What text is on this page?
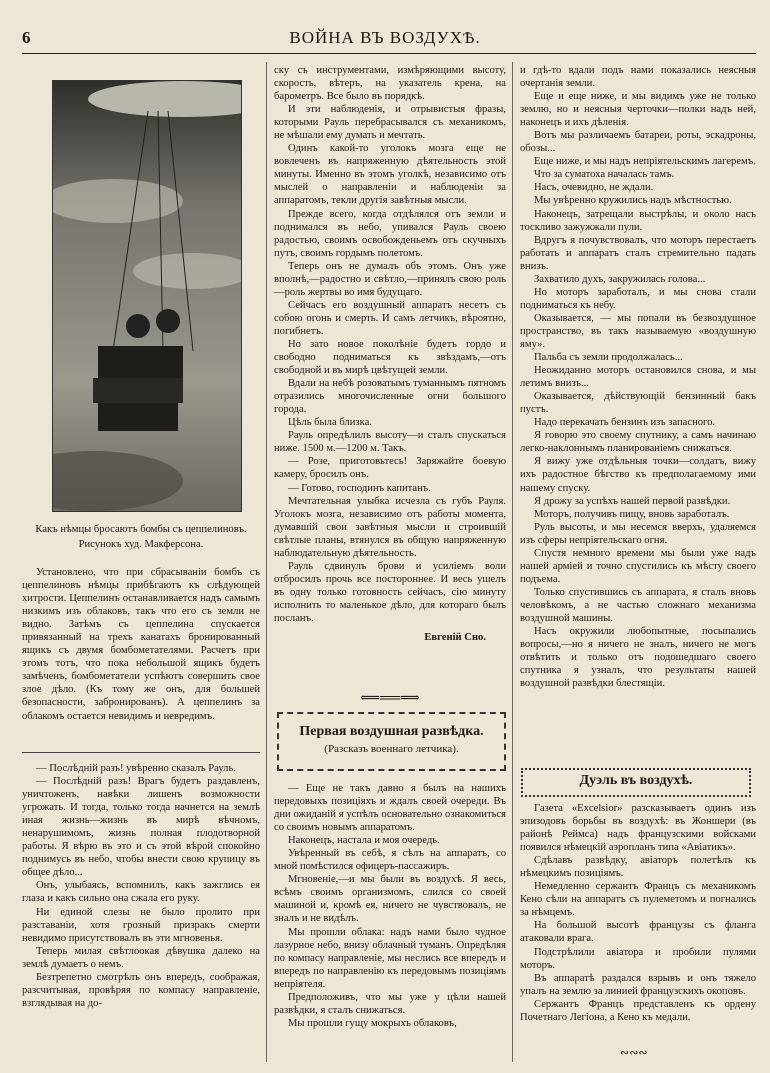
6	ВОЙНА ВЪ ВОЗДУХѢ.
Какъ нѣмцы бросаютъ бомбы съ цеппелиновъ.
Рисунокъ худ. Макферсона.

Установлено, что при сбрасываніи бомбъ съ цеппелиновъ нѣмцы прибѣгаютъ къ слѣдующей хитрости. Цеппелинъ останавливается надъ самымъ низкимъ изъ облаковъ, такъ что его съ земли не видно. Затѣмъ съ цеппелина спускается привязанный на трехъ канатахъ бронированный ящикъ съ двумя бомбометателями. Расчетъ при этомъ тотъ, что пока небольшой ящикъ будетъ замѣченъ, бомбометатели успѣютъ совершить свое злое дѣло. (Къ тому же онъ, для большей безопасности, забронированъ). А цеппелинъ за облакомъ остается невидимъ и невредимъ.

— Послѣдній разъ! увѣренно сказалъ Рауль.

— Послѣдній разъ! Врагъ будетъ раздавленъ, уничтоженъ, навѣки лишенъ возможности угрожать. И тогда, только тогда начнется на землѣ иная жизнь—жизнь въ мирѣ вѣчномъ, ненарушимомъ, жизнь полная плодотворной работы. Я вѣрю въ это и съ этой вѣрой спокойно поднимусь въ небо, чтобы внести свою крупицу въ общее дѣло...

Онъ, улыбаясь, вспомнилъ, какъ зажглись ея глаза и какъ сильно она сжала его руку.

Ни единой слезы не было пролито при разставаніи, хотя грозный призракъ смерти невидимо присутствовалъ въ эти мгновенья.

Теперь милая свѣтлоокая дѣвушка далеко на землѣ думаетъ о немъ.

Безтрепетно смотрѣлъ онъ впередъ, соображая, разсчитывая, провѣряя по компасу направленіе, взглядывая на до-

ску съ инструментами, измѣряющими высоту, скорость, вѣтеръ, на указатель крена, на барометръ. Все было въ порядкѣ.

И эти наблюденія, и отрывистыя фразы, которыми Рауль перебрасывался съ механикомъ, не мѣшали ему думать и мечтать.

Одинъ какой-то уголокъ мозга еще не вовлеченъ въ напряженную дѣятельность этой минуты. Именно въ этомъ уголкѣ, независимо отъ мыслей о направленіи и наблюденіи за аппаратомъ, текли другія завѣтныя мысли.

Прежде всего, когда отдѣлялся отъ земли и поднимался въ небо, упивался Рауль своею радостью, своимъ освобожденьемъ отъ скучныхъ путъ, своимъ гордымъ полетомъ.

Теперь онъ не думалъ объ этомъ. Онъ уже вполнѣ,—радостно и свѣтло,—принялъ свою роль—роль жертвы во имя будущаго.

Сейчасъ его воздушный аппаратъ несетъ съ собою огонь и смерть. И самъ летчикъ, вѣроятно, погибнетъ.

Но зато новое поколѣніе будетъ гордо и свободно подниматься къ звѣздамъ,—отъ свободной и въ мирѣ цвѣтущей земли.

Вдали на небѣ розоватымъ туманнымъ пятномъ отразились многочисленные огни большого города.

Цѣль была близка.

Рауль опредѣлилъ высоту—и сталъ спускаться ниже. 1500 м.—1200 м. Такъ.

— Розе, приготовьтесь! Заряжайте боевую камеру, бросилъ онъ.

— Готово, господинъ капитанъ.

Мечтательная улыбка исчезла съ губъ Рауля. Уголокъ мозга, независимо отъ работы момента, думавшій свои завѣтныя мысли и строившій свѣтлые планы, втянулся въ общую напряженную наблюдательную дѣятельность.

Рауль сдвинулъ брови и усиліемъ воли отбросилъ прочь все постороннее. И весь ушелъ въ одну только готовность сейчасъ, сію минуту исполнить то маленькое дѣло, для котораго былъ посланъ.

Евгеній Сно.
⟸══⟹
Первая воздушная развѣдка.
(Разсказъ военнаго летчика).

— Еще не такъ давно я былъ на нашихъ передовыхъ позиціяхъ и ждалъ своей очереди. Въ дни ожиданій я успѣлъ основательно ознакомиться со своимъ новымъ аппаратомъ.

Наконецъ, настала и моя очередь.

Увѣренный въ себѣ, я сѣлъ на аппаратъ, со мной помѣстился офицеръ-пассажиръ.

Мгновеніе,—и мы были въ воздухѣ. Я весь, всѣмъ своимъ организмомъ, слился со своей машиной и, кромѣ ея, ничего не чувствовалъ, не зналъ и не видѣлъ.

Мы прошли облака: надъ нами было чудное лазурное небо, внизу облачный туманъ. Опредѣляя по компасу направленіе, мы неслись все впередъ и впередъ по направленію къ передовымъ позиціямъ непріятеля.

Предположивъ, что мы уже у цѣли нашей развѣдки, я сталъ снижаться.

Мы прошли гущу мокрыхъ облаковъ,

и гдѣ-то вдали подъ нами показались неясныя очертанія земли.

Еще и еще ниже, и мы видимъ уже не только землю, но и неясныя черточки—полки надъ ней, наконецъ и ихъ дѣленія.

Вотъ мы различаемъ батареи, роты, эскадроны, обозы...

Еще ниже, и мы надъ непріятельскимъ лагеремъ.

Что за суматоха началась тамъ.

Насъ, очевидно, не ждали.

Мы увѣренно кружились надъ мѣстностью.

Наконецъ, затрещали выстрѣлы, и около насъ тоскливо зажужжали пули.

Вдругъ я почувствовалъ, что моторъ перестаетъ работать и аппаратъ сталъ стремительно падать внизъ.

Захватило духъ, закружилась голова...

Но моторъ заработалъ, и мы снова стали подниматься къ небу.

Оказывается, — мы попали въ безвоздушное пространство, въ такъ называемую «воздушную яму».

Пальба съ земли продолжалась...

Неожиданно моторъ остановился снова, и мы летимъ внизъ...

Оказывается, дѣйствующій бензинный бакъ пустъ.

Надо перекачать бензинъ изъ запасного.

Я говорю это своему спутнику, а самъ начинаю легко-наклоннымъ планированіемъ снижаться.

Я вижу уже отдѣльныя точки—солдатъ, вижу ихъ радостное бѣгство къ предполагаемому ими нашему спуску.

Я дрожу за успѣхъ нашей первой развѣдки.

Моторъ, получивъ пищу, вновь заработалъ.

Руль высоты, и мы несемся вверхъ, удаляемся изъ сферы непріятельскаго огня.

Спустя немного времени мы были уже надъ нашей арміей и точно спустились къ мѣсту своего подъема.

Только спустившись съ аппарата, я сталъ вновь человѣкомъ, а не частью сложнаго механизма воздушной машины.

Насъ окружили любопытные, посыпались вопросы,—но я ничего не зналъ, ничего не могъ отвѣтить и только отъ подошедшаго своего спутника я узналъ, что результаты нашей воздушной развѣдки блестящіи.

Дуэль въ воздухѣ.

Газета «Excelsior» разсказываетъ одинъ изъ эпизодовъ борьбы въ воздухѣ: въ Жоншери (въ районѣ Реймса) надъ французскими войсками появился нѣмецкій аэропланъ типа «Авіатикъ».

Сдѣлавъ развѣдку, авіаторъ полетѣлъ къ нѣмецкимъ позиціямъ.

Немедленно сержантъ Францъ съ механикомъ Кено сѣли на аппаратъ съ пулеметомъ и погнались за нѣмцемъ.

На большой высотѣ французы съ фланга атаковали врага.

Подстрѣлили авіатора и пробили пулями моторъ.

Въ аппаратѣ раздался взрывъ и онъ тяжело упалъ на землю за линией французскихъ окоповъ.

Сержантъ Францъ представленъ къ ордену Почетнаго Легіона, а Кено къ медали.

∾∾∾
